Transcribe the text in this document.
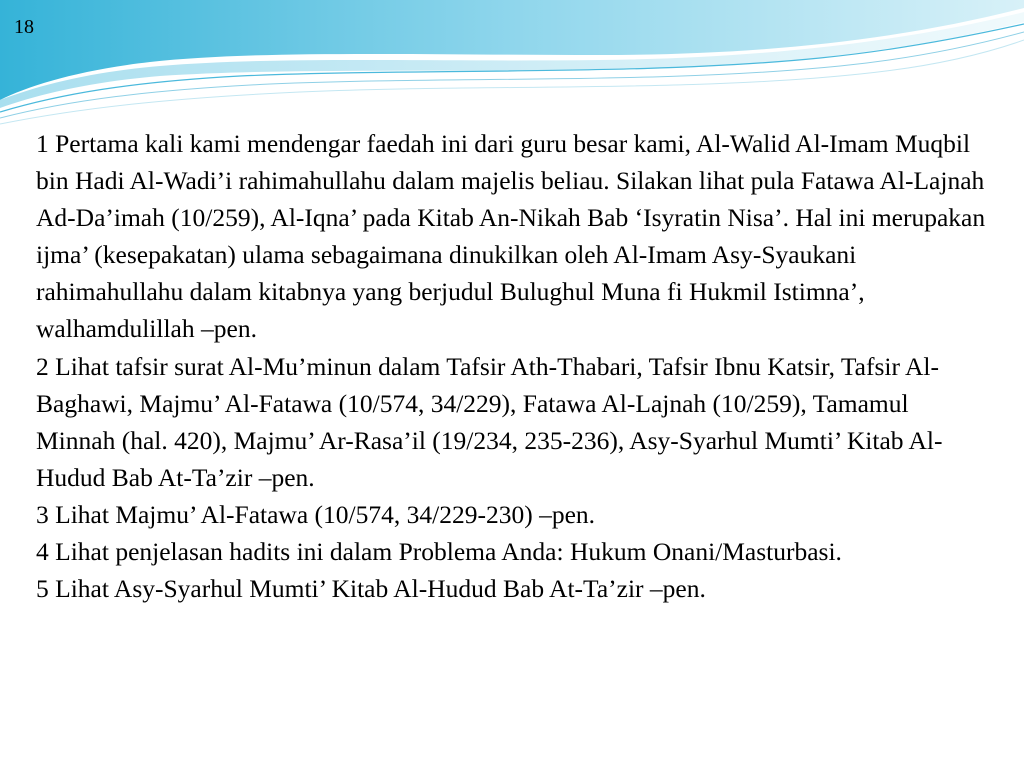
18

1 Pertama kali kami mendengar faedah ini dari guru besar kami, Al-Walid Al-Imam Muqbil bin Hadi Al-Wadi’i rahimahullahu dalam majelis beliau. Silakan lihat pula Fatawa Al-Lajnah Ad-Da’imah (10/259), Al-Iqna’ pada Kitab An-Nikah Bab ‘Isyratin Nisa’. Hal ini merupakan ijma’ (kesepakatan) ulama sebagaimana dinukilkan oleh Al-Imam Asy-Syaukani rahimahullahu dalam kitabnya yang berjudul Bulughul Muna fi Hukmil Istimna’, walhamdulillah –pen.

2 Lihat tafsir surat Al-Mu’minun dalam Tafsir Ath-Thabari, Tafsir Ibnu Katsir, Tafsir Al-Baghawi, Majmu’ Al-Fatawa (10/574, 34/229), Fatawa Al-Lajnah (10/259), Tamamul Minnah (hal. 420), Majmu’ Ar-Rasa’il (19/234, 235-236), Asy-Syarhul Mumti’ Kitab Al-Hudud Bab At-Ta’zir –pen.

3 Lihat Majmu’ Al-Fatawa (10/574, 34/229-230) –pen.

4 Lihat penjelasan hadits ini dalam Problema Anda: Hukum Onani/Masturbasi.

5 Lihat Asy-Syarhul Mumti’ Kitab Al-Hudud Bab At-Ta’zir –pen.
